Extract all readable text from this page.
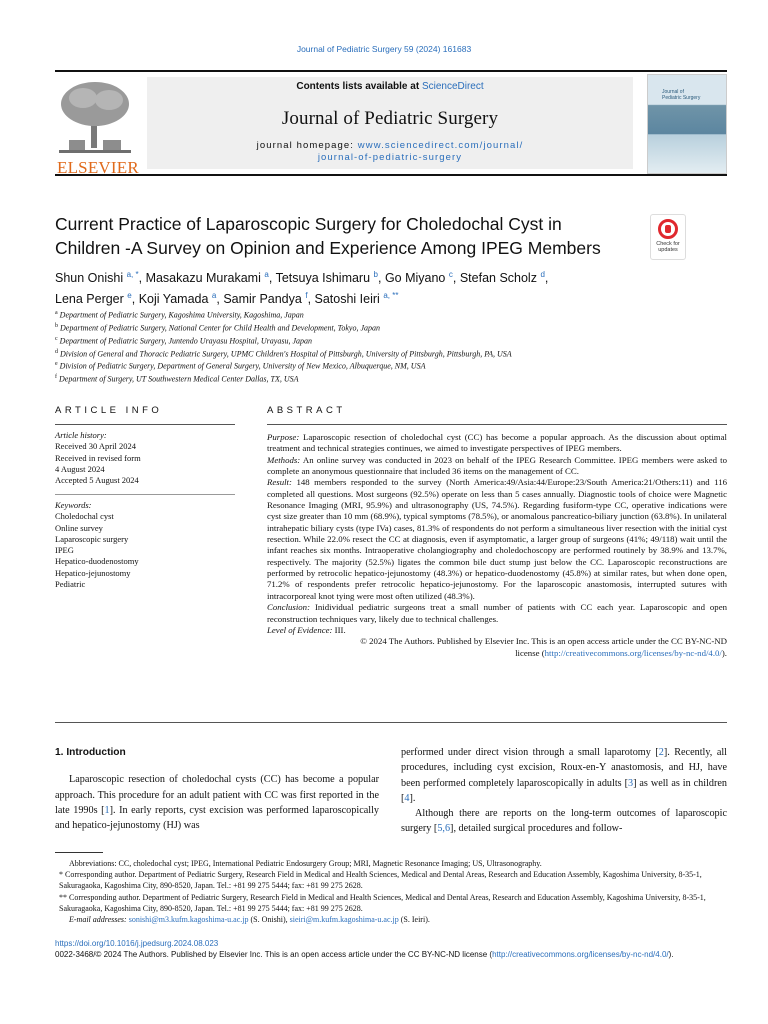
Journal of Pediatric Surgery 59 (2024) 161683
ELSEVIER
Contents lists available at ScienceDirect
Journal of Pediatric Surgery
journal homepage: www.sciencedirect.com/journal/
journal-of-pediatric-surgery
Journal of
Pediatric Surgery
Current Practice of Laparoscopic Surgery for Choledochal Cyst in
Children -A Survey on Opinion and Experience Among IPEG Members	Check for updates
Shun Onishi $^{a, *}$, Masakazu Murakami $^a$, Tetsuya Ishimaru $^b$, Go Miyano $^c$, Stefan Scholz $^d$,
Lena Perger $^e$, Koji Yamada $^a$, Samir Pandya $^f$, Satoshi Ieiri $^{a, **}$
$^a$ Department of Pediatric Surgery, Kagoshima University, Kagoshima, Japan
$^b$ Department of Pediatric Surgery, National Center for Child Health and Development, Tokyo, Japan
$^c$ Department of Pediatric Surgery, Juntendo Urayasu Hospital, Urayasu, Japan
$^d$ Division of General and Thoracic Pediatric Surgery, UPMC Children's Hospital of Pittsburgh, University of Pittsburgh, Pittsburgh, PA, USA
$^e$ Division of Pediatric Surgery, Department of General Surgery, University of New Mexico, Albuquerque, NM, USA
$^f$ Department of Surgery, UT Southwestern Medical Center Dallas, TX, USA
ARTICLE INFO	ABSTRACT
Article history:
Received 30 April 2024
Received in revised form
4 August 2024
Accepted 5 August 2024
Keywords:
Choledochal cyst
Online survey
Laparoscopic surgery
IPEG
Hepatico-duodenostomy
Hepatico-jejunostomy
Pediatric

Purpose: Laparoscopic resection of choledochal cyst (CC) has become a popular approach. As the discussion about optimal treatment and technical strategies continues, we aimed to investigate perspectives of IPEG members.

Methods: An online survey was conducted in 2023 on behalf of the IPEG Research Committee. IPEG members were asked to complete an anonymous questionnaire that included 36 items on the management of CC.

Result: 148 members responded to the survey (North America:49/Asia:44/Europe:23/South America:21/Others:11) and 116 completed all questions. Most surgeons (92.5%) operate on less than 5 cases annually. Diagnostic tools of choice were Magnetic Resonance Imaging (MRI, 95.9%) and ultrasonography (US, 74.5%). Regarding fusiform-type CC, operative indications were cyst size greater than 10 mm (68.9%), typical symptoms (78.5%), or anomalous pancreatico-biliary junction (63.8%). In unilateral intrahepatic biliary cysts (type IVa) cases, 81.3% of respondents do not perform a simultaneous liver resection with the initial cyst resection. While 22.0% resect the CC at diagnosis, even if asymptomatic, a larger group of surgeons (41%; 49/118) wait until the infant reaches six months. Intraoperative cholangiography and choledochoscopy are performed routinely by 38.9% and 13.7%, respectively. The majority (52.5%) ligates the common bile duct stump just below the CC. Laparoscopic reconstructions are performed by retrocolic hepatico-jejunostomy (48.3%) or hepatico-duodenostomy (45.8%) at similar rates, but when done open, 71.2% of respondents prefer retrocolic hepatico-jejunostomy. For the laparoscopic anastomosis, interrupted sutures with intracorporeal knot tying were most often utilized (48.3%).

Conclusion: Inidividual pediatric surgeons treat a small number of patients with CC each year. Laparoscopic and open reconstruction techniques vary, likely due to technical challenges.

Level of Evidence: III.

© 2024 The Authors. Published by Elsevier Inc. This is an open access article under the CC BY-NC-ND
license (http://creativecommons.org/licenses/by-nc-nd/4.0/).

1. Introduction

Laparoscopic resection of choledochal cysts (CC) has become a popular approach. This procedure for an adult patient with CC was first reported in the late 1990s [1]. In early reports, cyst excision was performed laparoscopically and hepatico-jejunostomy (HJ) was

performed under direct vision through a small laparotomy [2]. Recently, all procedures, including cyst excision, Roux-en-Y anastomosis, and HJ, have been performed completely laparoscopically in adults [3] as well as in children [4].

Although there are reports on the long-term outcomes of laparoscopic surgery [5,6], detailed surgical procedures and follow-

Abbreviations: CC, choledochal cyst; IPEG, International Pediatric Endosurgery Group; MRI, Magnetic Resonance Imaging; US, Ultrasonography.
* Corresponding author. Department of Pediatric Surgery, Research Field in Medical and Health Sciences, Medical and Dental Areas, Research and Education Assembly, Kagoshima University, 8-35-1, Sakuragaoka, Kagoshima City, 890-8520, Japan. Tel.: +81 99 275 5444; fax: +81 99 275 2628.
** Corresponding author. Department of Pediatric Surgery, Research Field in Medical and Health Sciences, Medical and Dental Areas, Research and Education Assembly, Kagoshima University, 8-35-1, Sakuragaoka, Kagoshima City, 890-8520, Japan. Tel.: +81 99 275 5444; fax: +81 99 275 2628.
E-mail addresses: sonishi@m3.kufm.kagoshima-u.ac.jp (S. Onishi), sieiri@m.kufm.kagoshima-u.ac.jp (S. Ieiri).
https://doi.org/10.1016/j.jpedsurg.2024.08.023
0022-3468/© 2024 The Authors. Published by Elsevier Inc. This is an open access article under the CC BY-NC-ND license (http://creativecommons.org/licenses/by-nc-nd/4.0/).
